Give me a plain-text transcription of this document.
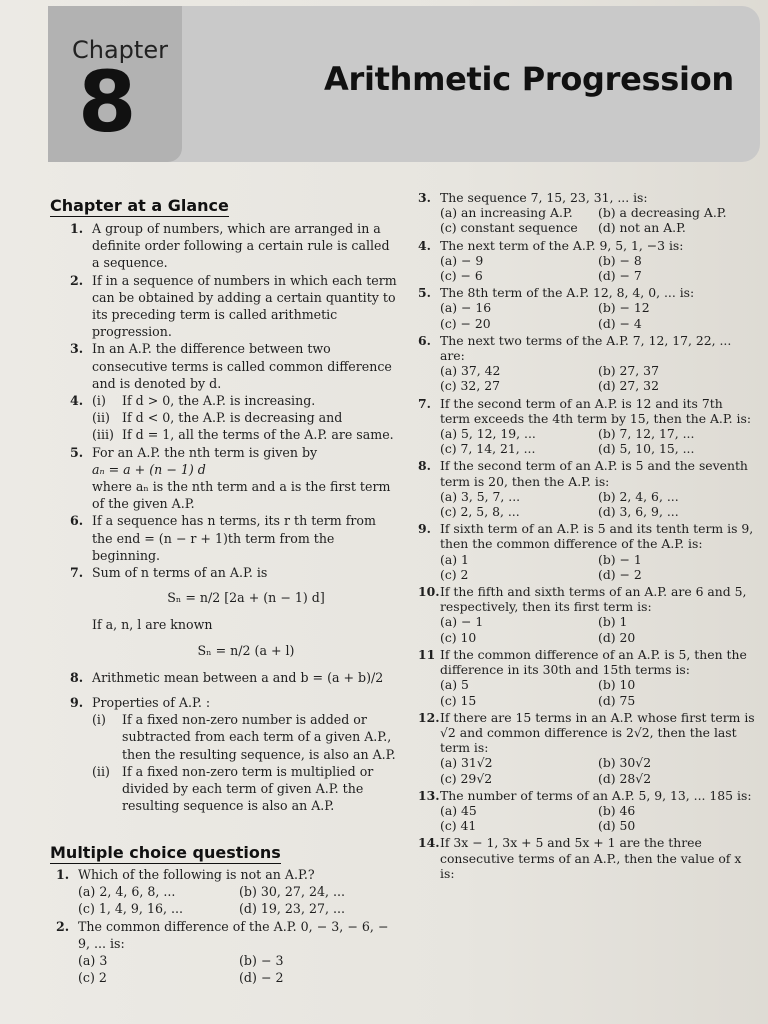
Chapter
8	Arithmetic Progression
Chapter at a Glance
1. A group of numbers, which are arranged in a definite order following a certain rule is called a sequence.
2. If in a sequence of numbers in which each term can be obtained by adding a certain quantity to its preceding term is called arithmetic progression.
3. In an A.P. the difference between two consecutive terms is called common difference and is denoted by d.
4. (i) If d > 0, the A.P. is increasing.
(ii) If d < 0, the A.P. is decreasing and
(iii) If d = 1, all the terms of the A.P. are same.
5. For an A.P. the nth term is given by
aₙ = a + (n − 1) d
where aₙ is the nth term and a is the first term of the given A.P.
6. If a sequence has n terms, its r th term from the end = (n − r + 1)th term from the beginning.
7. Sum of n terms of an A.P. is
Sₙ = n/2 [2a + (n − 1) d]
If a, n, l are known
Sₙ = n/2 (a + l)
8. Arithmetic mean between a and b = (a + b)/2
9. Properties of A.P. :
(i) If a fixed non-zero number is added or subtracted from each term of a given A.P., then the resulting sequence, is also an A.P.
(ii) If a fixed non-zero term is multiplied or divided by each term of given A.P. the resulting sequence is also an A.P.
Multiple choice questions
1. Which of the following is not an A.P.?
(a) 2, 4, 6, 8, ...	(b) 30, 27, 24, ...
(c) 1, 4, 9, 16, ...	(d) 19, 23, 27, ...
2. The common difference of the A.P. 0, − 3, − 6, − 9, ... is:
(a) 3	(b) − 3
(c) 2	(d) − 2
3. The sequence 7, 15, 23, 31, ... is:
(a) an increasing A.P.	(b) a decreasing A.P.
(c) constant sequence	(d) not an A.P.
4. The next term of the A.P. 9, 5, 1, −3 is:
(a) − 9	(b) − 8
(c) − 6	(d) − 7
5. The 8th term of the A.P. 12, 8, 4, 0, ... is:
(a) − 16	(b) − 12
(c) − 20	(d) − 4
6. The next two terms of the A.P. 7, 12, 17, 22, ... are:
(a) 37, 42	(b) 27, 37
(c) 32, 27	(d) 27, 32
7. If the second term of an A.P. is 12 and its 7th term exceeds the 4th term by 15, then the A.P. is:
(a) 5, 12, 19, ...	(b) 7, 12, 17, ...
(c) 7, 14, 21, ...	(d) 5, 10, 15, ...
8. If the second term of an A.P. is 5 and the seventh term is 20, then the A.P. is:
(a) 3, 5, 7, ...	(b) 2, 4, 6, ...
(c) 2, 5, 8, ...	(d) 3, 6, 9, ...
9. If sixth term of an A.P. is 5 and its tenth term is 9, then the common difference of the A.P. is:
(a) 1	(b) − 1
(c) 2	(d) − 2
10. If the fifth and sixth terms of an A.P. are 6 and 5, respectively, then its first term is:
(a) − 1	(b) 1
(c) 10	(d) 20
11 If the common difference of an A.P. is 5, then the difference in its 30th and 15th terms is:
(a) 5	(b) 10
(c) 15	(d) 75
12. If there are 15 terms in an A.P. whose first term is √2 and common difference is 2√2, then the last term is:
(a) 31√2	(b) 30√2
(c) 29√2	(d) 28√2
13. The number of terms of an A.P. 5, 9, 13, ... 185 is:
(a) 45	(b) 46
(c) 41	(d) 50
14. If 3x − 1, 3x + 5 and 5x + 1 are the three consecutive terms of an A.P., then the value of x is:
